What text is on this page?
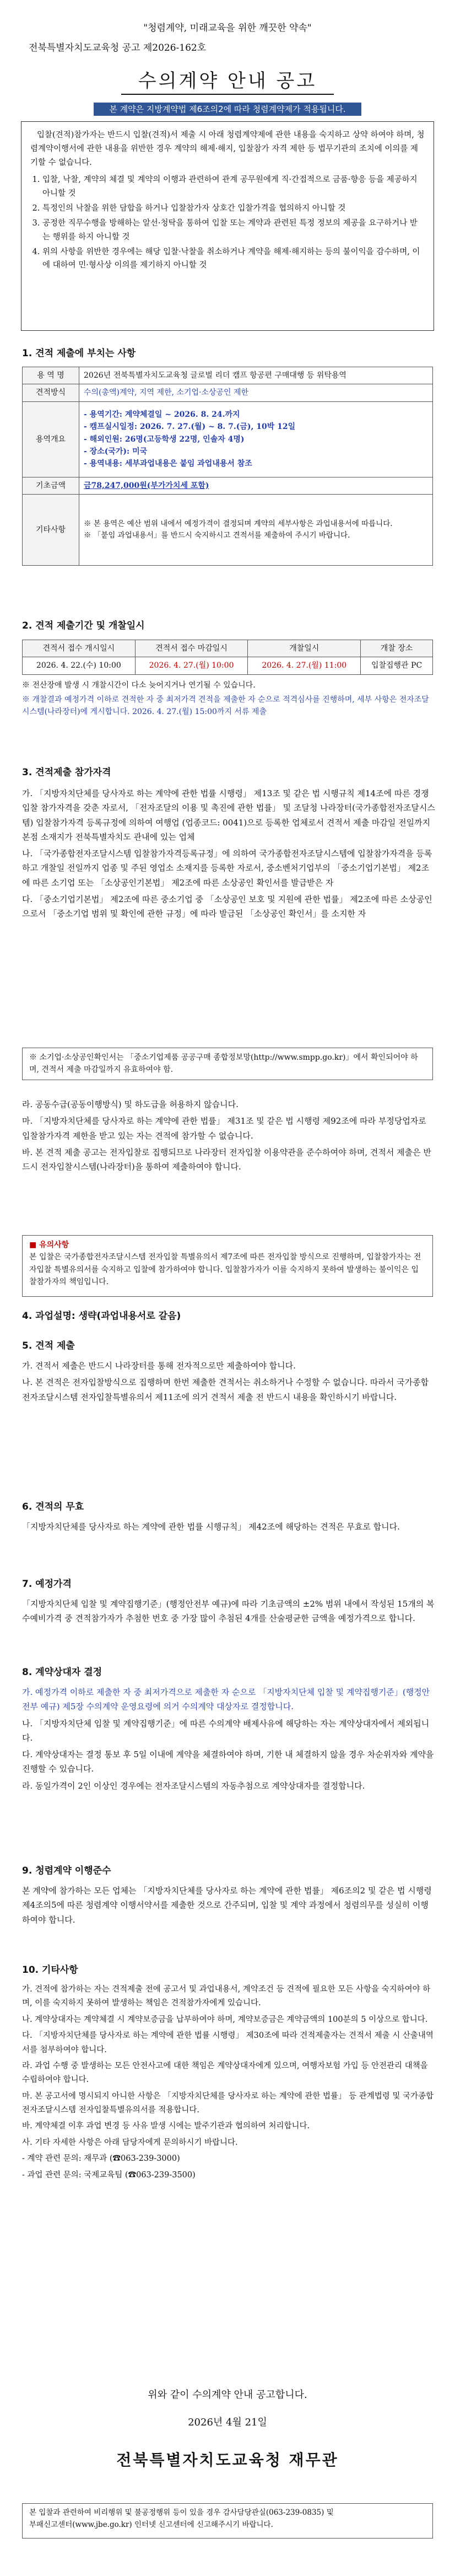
"청렴계약, 미래교육을 위한 깨끗한 약속"
전북특별자치도교육청 공고 제2026-162호
수의계약 안내 공고
본 계약은 지방계약법 제6조의2에 따라 청렴계약제가 적용됩니다.

입찰(견적)참가자는 반드시 입찰(견적)서 제출 시 아래 청렴계약제에 관한 내용을 숙지하고 상약 하여야 하며, 청렴계약이행서에 관한 내용을 위반한 경우 계약의 해제·해지, 입찰참가 자격 제한 등 법무기관의 조치에 이의를 제기할 수 없습니다.

1. 입찰, 낙찰, 계약의 체결 및 계약의 이행과 관련하여 관계 공무원에게 직·간접적으로 금품·향응 등을 제공하지 아니할 것
2. 특정인의 낙찰을 위한 담합을 하거나 입찰참가자 상호간 입찰가격을 협의하지 아니할 것
3. 공정한 직무수행을 방해하는 알선·청탁을 통하여 입찰 또는 계약과 관련된 특정 정보의 제공을 요구하거나 받는 행위를 하지 아니할 것
4. 위의 사항을 위반한 경우에는 해당 입찰·낙찰을 취소하거나 계약을 해제·해지하는 등의 불이익을 감수하며, 이에 대하여 민·형사상 이의를 제기하지 아니할 것
1. 견적 제출에 부치는 사항
용 역 명	2026년 전북특별자치도교육청 글로벌 리더 캠프 항공편 구매대행 등 위탁용역
견적방식	수의(총액)계약, 지역 제한, 소기업·소상공인 제한
용역개요	- 용역기간: 계약체결일 ~ 2026. 8. 24.까지
- 캠프실시일정: 2026. 7. 27.(월) ~ 8. 7.(금), 10박 12일
- 해외인원: 26명(고등학생 22명, 인솔자 4명)
- 장소(국가): 미국
- 용역내용: 세부과업내용은 붙임 과업내용서 참조
기초금액	금78,247,000원(부가가치세 포함)
기타사항	※ 본 용역은 예산 범위 내에서 예정가격이 결정되며 계약의 세부사항은 과업내용서에 따릅니다.
※ 「붙임 과업내용서」를 반드시 숙지하시고 견적서를 제출하여 주시기 바랍니다.
2. 견적 제출기간 및 개찰일시
견적서 접수 개시일시	견적서 접수 마감일시	개찰일시	개찰 장소
2026. 4. 22.(수) 10:00	2026. 4. 27.(월) 10:00	2026. 4. 27.(월) 11:00	입찰집행관 PC
※ 전산장애 발생 시 개찰시간이 다소 늦어지거나 연기될 수 있습니다.
※ 개찰결과 예정가격 이하로 견적한 자 중 최저가격 견적을 제출한 자 순으로 적격심사를 진행하며, 세부 사항은 전자조달시스템(나라장터)에 게시합니다. 2026. 4. 27.(월) 15:00까지 서류 제출
3. 견적제출 참가자격

가. 「지방자치단체를 당사자로 하는 계약에 관한 법률 시행령」 제13조 및 같은 법 시행규칙 제14조에 따른 경쟁입찰 참가자격을 갖춘 자로서, 「전자조달의 이용 및 촉진에 관한 법률」 및 조달청 나라장터(국가종합전자조달시스템) 입찰참가자격 등록규정에 의하여 여행업 (업종코드: 0041)으로 등록한 업체로서 견적서 제출 마감일 전일까지 본점 소재지가 전북특별자치도 관내에 있는 업체

나. 「국가종합전자조달시스템 입찰참가자격등록규정」에 의하여 국가종합전자조달시스템에 입찰참가자격을 등록하고 개찰일 전일까지 업종 및 주된 영업소 소재지를 등록한 자로서, 중소벤처기업부의 「중소기업기본법」 제2조에 따른 소기업 또는 「소상공인기본법」 제2조에 따른 소상공인 확인서를 발급받은 자

다. 「중소기업기본법」 제2조에 따른 중소기업 중 「소상공인 보호 및 지원에 관한 법률」 제2조에 따른 소상공인으로서 「중소기업 범위 및 확인에 관한 규정」에 따라 발급된 「소상공인 확인서」를 소지한 자

※ 소기업·소상공인확인서는 「중소기업제품 공공구매 종합정보망(http://www.smpp.go.kr)」에서 확인되어야 하며, 견적서 제출 마감일까지 유효하여야 함.

라. 공동수급(공동이행방식) 및 하도급을 허용하지 않습니다.

마. 「지방자치단체를 당사자로 하는 계약에 관한 법률」 제31조 및 같은 법 시행령 제92조에 따라 부정당업자로 입찰참가자격 제한을 받고 있는 자는 견적에 참가할 수 없습니다.

바. 본 견적 제출 공고는 전자입찰로 집행되므로 나라장터 전자입찰 이용약관을 준수하여야 하며, 견적서 제출은 반드시 전자입찰시스템(나라장터)을 통하여 제출하여야 합니다.

■ 유의사항
본 입찰은 국가종합전자조달시스템 전자입찰 특별유의서 제7조에 따른 전자입찰 방식으로 진행하며, 입찰참가자는 전자입찰 특별유의서를 숙지하고 입찰에 참가하여야 합니다. 입찰참가자가 이를 숙지하지 못하여 발생하는 불이익은 입찰참가자의 책임입니다.
4. 과업설명: 생략(과업내용서로 갈음)
5. 견적 제출

가. 견적서 제출은 반드시 나라장터를 통해 전자적으로만 제출하여야 합니다.

나. 본 견적은 전자입찰방식으로 집행하며 한번 제출한 견적서는 취소하거나 수정할 수 없습니다. 따라서 국가종합전자조달시스템 전자입찰특별유의서 제11조에 의거 견적서 제출 전 반드시 내용을 확인하시기 바랍니다.

6. 견적의 무효

「지방자치단체를 당사자로 하는 계약에 관한 법률 시행규칙」 제42조에 해당하는 견적은 무효로 합니다.

7. 예정가격

「지방자치단체 입찰 및 계약집행기준」(행정안전부 예규)에 따라 기초금액의 ±2% 범위 내에서 작성된 15개의 복수예비가격 중 견적참가자가 추첨한 번호 중 가장 많이 추첨된 4개를 산술평균한 금액을 예정가격으로 합니다.

8. 계약상대자 결정

가. 예정가격 이하로 제출한 자 중 최저가격으로 제출한 자 순으로 「지방자치단체 입찰 및 계약집행기준」(행정안전부 예규) 제5장 수의계약 운영요령에 의거 수의계약 대상자로 결정합니다.

나. 「지방자치단체 입찰 및 계약집행기준」에 따른 수의계약 배제사유에 해당하는 자는 계약상대자에서 제외됩니다.

다. 계약상대자는 결정 통보 후 5일 이내에 계약을 체결하여야 하며, 기한 내 체결하지 않을 경우 차순위자와 계약을 진행할 수 있습니다.

라. 동일가격이 2인 이상인 경우에는 전자조달시스템의 자동추첨으로 계약상대자를 결정합니다.

9. 청렴계약 이행준수

본 계약에 참가하는 모든 업체는 「지방자치단체를 당사자로 하는 계약에 관한 법률」 제6조의2 및 같은 법 시행령 제4조의5에 따른 청렴계약 이행서약서를 제출한 것으로 간주되며, 입찰 및 계약 과정에서 청렴의무를 성실히 이행하여야 합니다.

10. 기타사항

가. 견적에 참가하는 자는 견적제출 전에 공고서 및 과업내용서, 계약조건 등 견적에 필요한 모든 사항을 숙지하여야 하며, 이를 숙지하지 못하여 발생하는 책임은 견적참가자에게 있습니다.

나. 계약상대자는 계약체결 시 계약보증금을 납부하여야 하며, 계약보증금은 계약금액의 100분의 5 이상으로 합니다.

다. 「지방자치단체를 당사자로 하는 계약에 관한 법률 시행령」 제30조에 따라 견적제출자는 견적서 제출 시 산출내역서를 첨부하여야 합니다.

라. 과업 수행 중 발생하는 모든 안전사고에 대한 책임은 계약상대자에게 있으며, 여행자보험 가입 등 안전관리 대책을 수립하여야 합니다.

마. 본 공고서에 명시되지 아니한 사항은 「지방자치단체를 당사자로 하는 계약에 관한 법률」 등 관계법령 및 국가종합전자조달시스템 전자입찰특별유의서를 적용합니다.

바. 계약체결 이후 과업 변경 등 사유 발생 시에는 발주기관과 협의하여 처리합니다.

사. 기타 자세한 사항은 아래 담당자에게 문의하시기 바랍니다.

- 계약 관련 문의: 재무과 (☎063-239-3000)

- 과업 관련 문의: 국제교육팀 (☎063-239-3500)

위와 같이 수의계약 안내 공고합니다.
2026년 4월 21일
전북특별자치도교육청 재무관
본 입찰과 관련하여 비리행위 및 불공정행위 등이 있을 경우 감사담당관실(063-239-0835) 및
부패신고센터(www.jbe.go.kr) 인터넷 신고센터에 신고해주시기 바랍니다.
